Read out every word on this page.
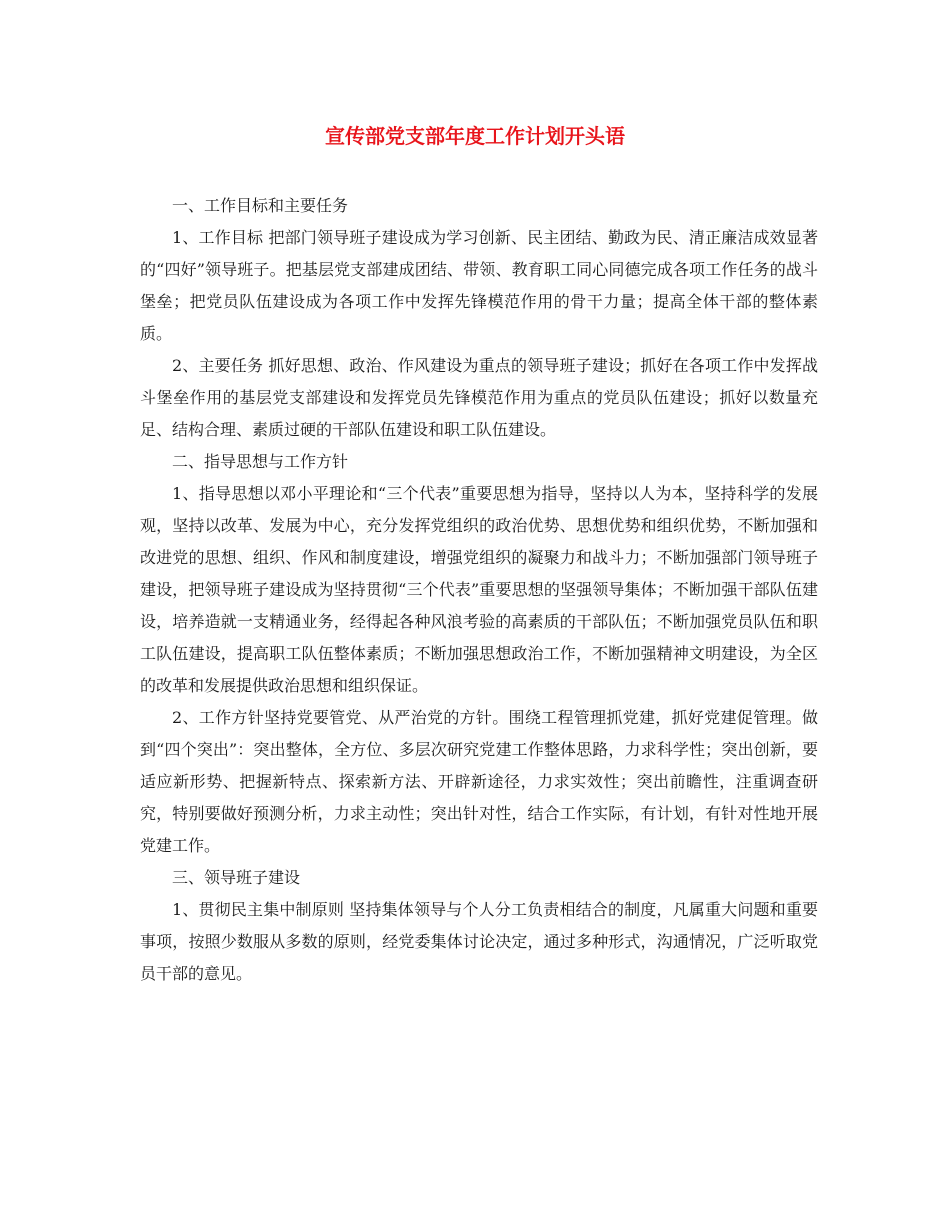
宣传部党支部年度工作计划开头语

一、工作目标和主要任务

1、工作目标 把部门领导班子建设成为学习创新、民主团结、勤政为民、清正廉洁成效显著的“四好”领导班子。把基层党支部建成团结、带领、教育职工同心同德完成各项工作任务的战斗堡垒；把党员队伍建设成为各项工作中发挥先锋模范作用的骨干力量；提高全体干部的整体素质。

2、主要任务 抓好思想、政治、作风建设为重点的领导班子建设；抓好在各项工作中发挥战斗堡垒作用的基层党支部建设和发挥党员先锋模范作用为重点的党员队伍建设；抓好以数量充足、结构合理、素质过硬的干部队伍建设和职工队伍建设。

二、指导思想与工作方针

1、指导思想以邓小平理论和“三个代表”重要思想为指导，坚持以人为本，坚持科学的发展观，坚持以改革、发展为中心，充分发挥党组织的政治优势、思想优势和组织优势，不断加强和改进党的思想、组织、作风和制度建设，增强党组织的凝聚力和战斗力；不断加强部门领导班子建设，把领导班子建设成为坚持贯彻“三个代表”重要思想的坚强领导集体；不断加强干部队伍建设，培养造就一支精通业务，经得起各种风浪考验的高素质的干部队伍；不断加强党员队伍和职工队伍建设，提高职工队伍整体素质；不断加强思想政治工作，不断加强精神文明建设，为全区的改革和发展提供政治思想和组织保证。

2、工作方针坚持党要管党、从严治党的方针。围绕工程管理抓党建，抓好党建促管理。做到“四个突出”：突出整体，全方位、多层次研究党建工作整体思路，力求科学性；突出创新，要适应新形势、把握新特点、探索新方法、开辟新途径，力求实效性；突出前瞻性，注重调查研究，特别要做好预测分析，力求主动性；突出针对性，结合工作实际，有计划，有针对性地开展党建工作。

三、领导班子建设

1、贯彻民主集中制原则 坚持集体领导与个人分工负责相结合的制度，凡属重大问题和重要事项，按照少数服从多数的原则，经党委集体讨论决定，通过多种形式，沟通情况，广泛听取党员干部的意见。
